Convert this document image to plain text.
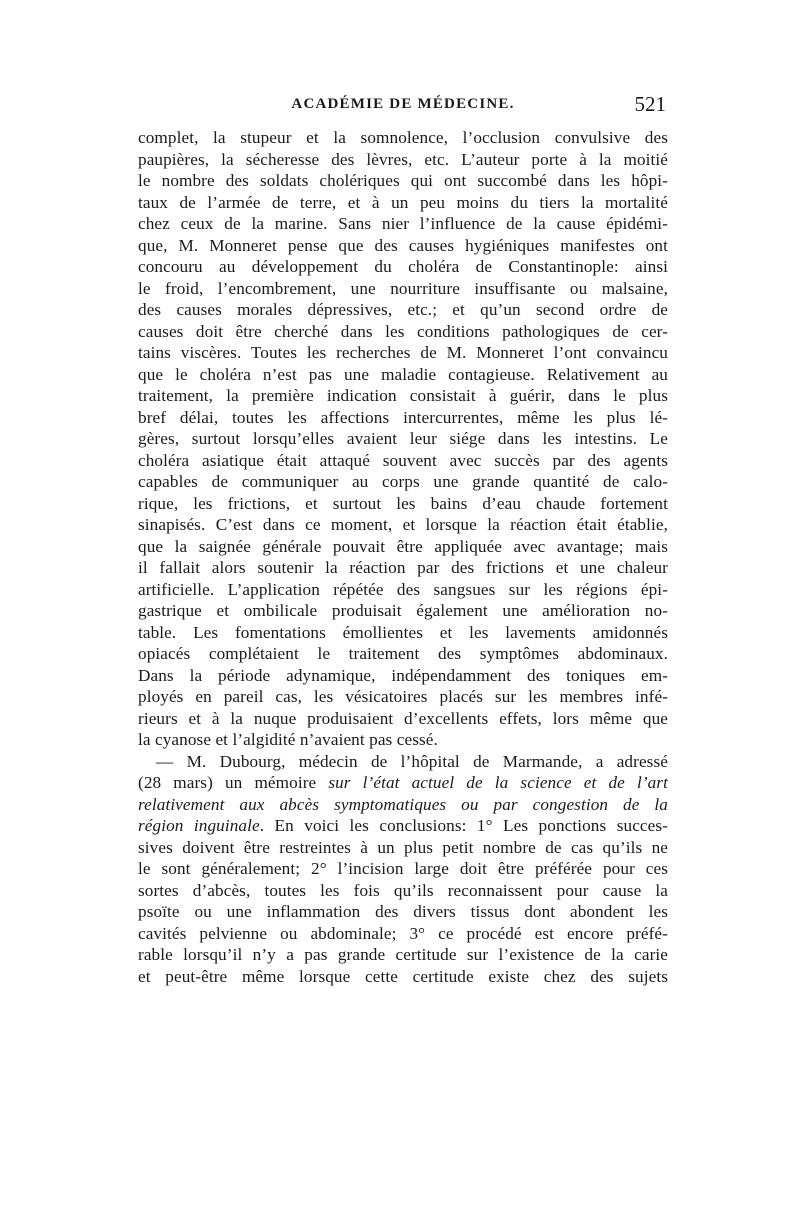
ACADÉMIE DE MÉDECINE.	521
complet, la stupeur et la somnolence, l’occlusion convulsive des
paupières, la sécheresse des lèvres, etc. L’auteur porte à la moitié
le nombre des soldats cholériques qui ont succombé dans les hôpi-
taux de l’armée de terre, et à un peu moins du tiers la mortalité
chez ceux de la marine. Sans nier l’influence de la cause épidémi-
que, M. Monneret pense que des causes hygiéniques manifestes ont
concouru au développement du choléra de Constantinople: ainsi
le froid, l’encombrement, une nourriture insuffisante ou malsaine,
des causes morales dépressives, etc.; et qu’un second ordre de
causes doit être cherché dans les conditions pathologiques de cer-
tains viscères. Toutes les recherches de M. Monneret l’ont convaincu
que le choléra n’est pas une maladie contagieuse. Relativement au
traitement, la première indication consistait à guérir, dans le plus
bref délai, toutes les affections intercurrentes, même les plus lé-
gères, surtout lorsqu’elles avaient leur siége dans les intestins. Le
choléra asiatique était attaqué souvent avec succès par des agents
capables de communiquer au corps une grande quantité de calo-
rique, les frictions, et surtout les bains d’eau chaude fortement
sinapisés. C’est dans ce moment, et lorsque la réaction était établie,
que la saignée générale pouvait être appliquée avec avantage; mais
il fallait alors soutenir la réaction par des frictions et une chaleur
artificielle. L’application répétée des sangsues sur les régions épi-
gastrique et ombilicale produisait également une amélioration no-
table. Les fomentations émollientes et les lavements amidonnés
opiacés complétaient le traitement des symptômes abdominaux.
Dans la période adynamique, indépendamment des toniques em-
ployés en pareil cas, les vésicatoires placés sur les membres infé-
rieurs et à la nuque produisaient d’excellents effets, lors même que
la cyanose et l’algidité n’avaient pas cessé.
— M. Dubourg, médecin de l’hôpital de Marmande, a adressé
(28 mars) un mémoire sur l’état actuel de la science et de l’art
relativement aux abcès symptomatiques ou par congestion de la
région inguinale. En voici les conclusions: 1° Les ponctions succes-
sives doivent être restreintes à un plus petit nombre de cas qu’ils ne
le sont généralement; 2° l’incision large doit être préférée pour ces
sortes d’abcès, toutes les fois qu’ils reconnaissent pour cause la
psoïte ou une inflammation des divers tissus dont abondent les
cavités pelvienne ou abdominale; 3° ce procédé est encore préfé-
rable lorsqu’il n’y a pas grande certitude sur l’existence de la carie
et peut-être même lorsque cette certitude existe chez des sujets
